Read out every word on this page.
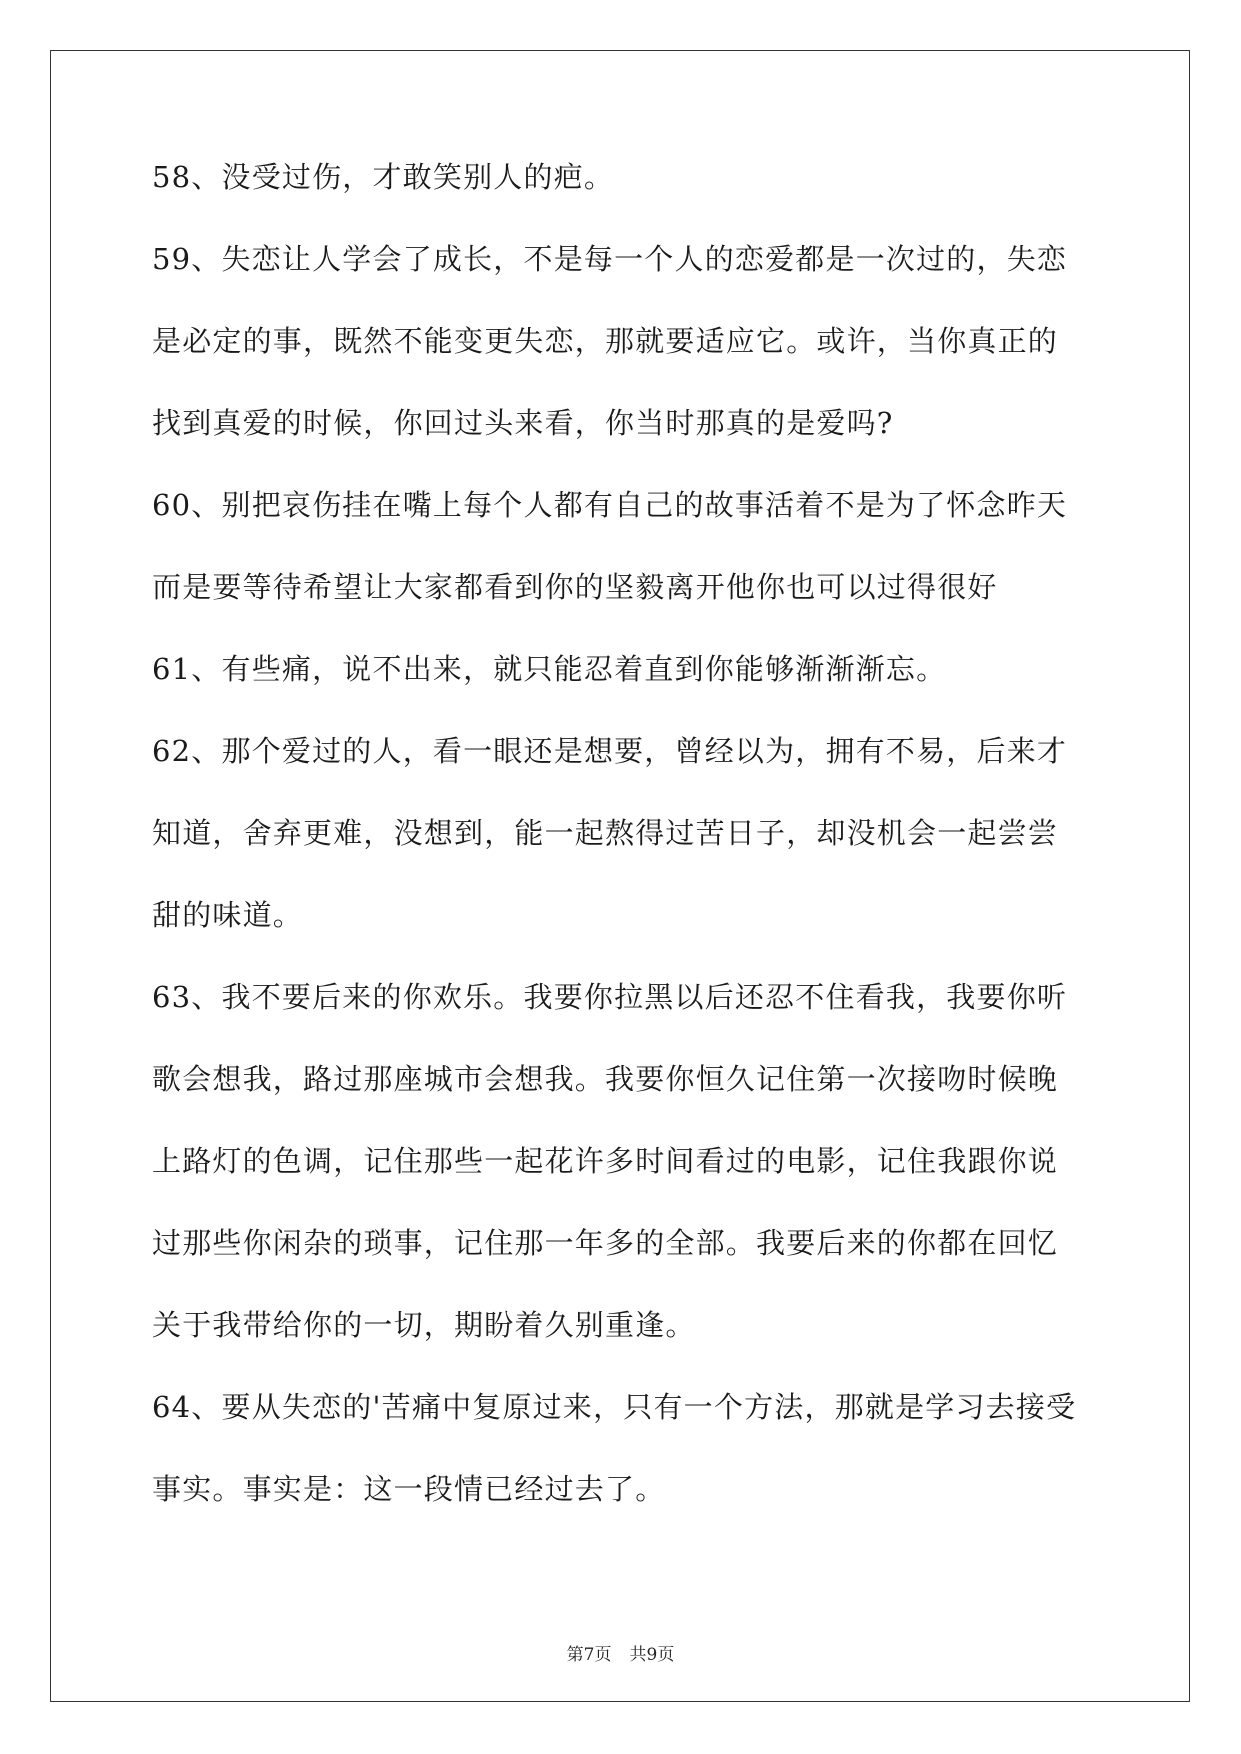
58、没受过伤，才敢笑别人的疤。
59、失恋让人学会了成长，不是每一个人的恋爱都是一次过的，失恋
是必定的事，既然不能变更失恋，那就要适应它。或许，当你真正的
找到真爱的时候，你回过头来看，你当时那真的是爱吗?
60、别把哀伤挂在嘴上每个人都有自己的故事活着不是为了怀念昨天
而是要等待希望让大家都看到你的坚毅离开他你也可以过得很好
61、有些痛，说不出来，就只能忍着直到你能够渐渐渐忘。
62、那个爱过的人，看一眼还是想要，曾经以为，拥有不易，后来才
知道，舍弃更难，没想到，能一起熬得过苦日子，却没机会一起尝尝
甜的味道。
63、我不要后来的你欢乐。我要你拉黑以后还忍不住看我，我要你听
歌会想我，路过那座城市会想我。我要你恒久记住第一次接吻时候晚
上路灯的色调，记住那些一起花许多时间看过的电影，记住我跟你说
过那些你闲杂的琐事，记住那一年多的全部。我要后来的你都在回忆
关于我带给你的一切，期盼着久别重逢。
64、要从失恋的'苦痛中复原过来，只有一个方法，那就是学习去接受
事实。事实是：这一段情已经过去了。
第7页 共9页
